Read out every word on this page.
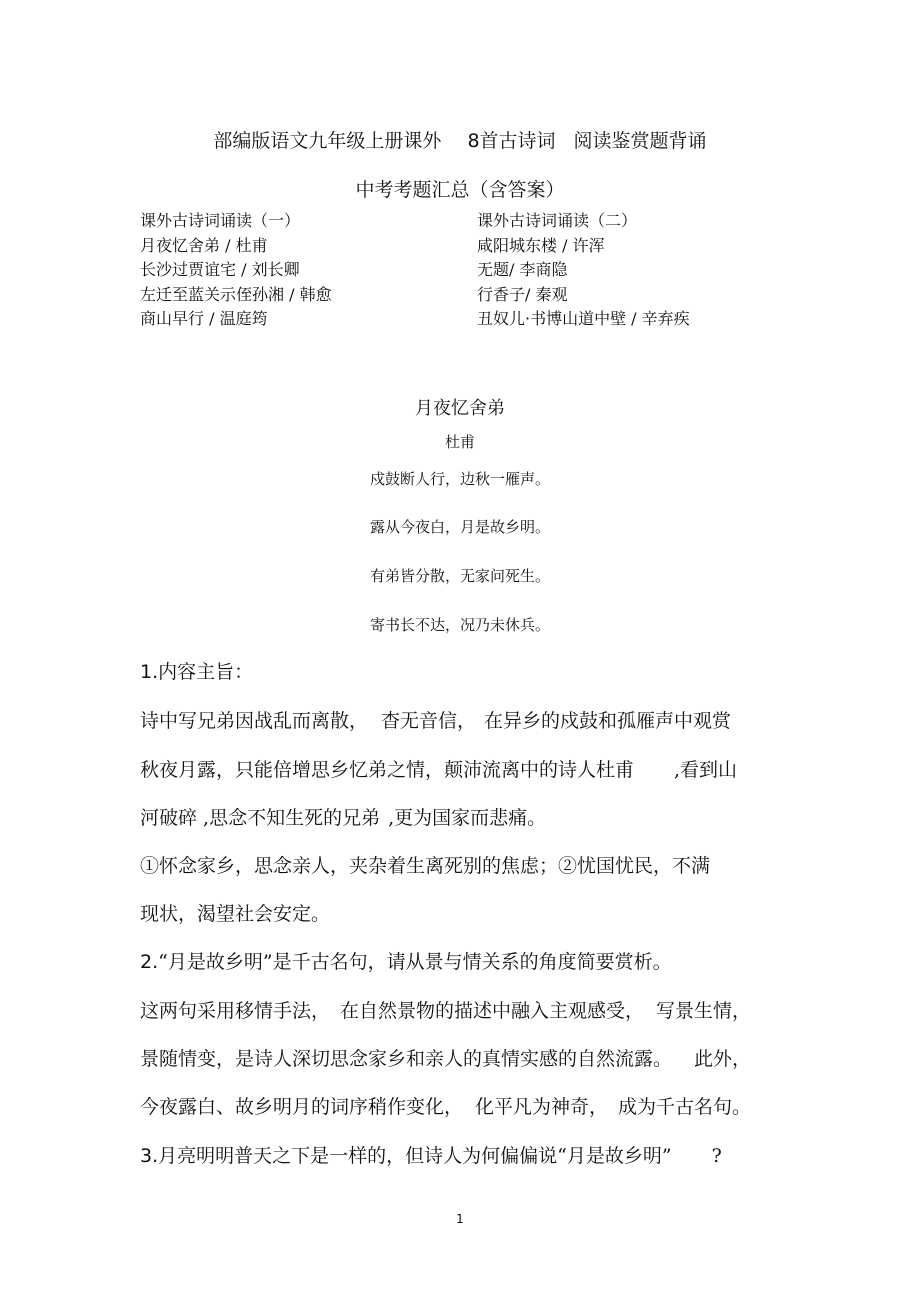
部编版语文九年级上册课外 8首古诗词 阅读鉴赏题背诵
中考考题汇总（含答案）
课外古诗词诵读（一）
月夜忆舍弟 / 杜甫
长沙过贾谊宅 / 刘长卿
左迁至蓝关示侄孙湘 / 韩愈
商山早行 / 温庭筠
课外古诗词诵读（二）
咸阳城东楼 / 许浑
无题/ 李商隐
行香子/ 秦观
丑奴儿·书博山道中壁 / 辛弃疾
月夜忆舍弟
杜甫
戍鼓断人行，边秋一雁声。
露从今夜白，月是故乡明。
有弟皆分散，无家问死生。
寄书长不达，况乃未休兵。
1.内容主旨：
诗中写兄弟因战乱而离散， 杳无音信， 在异乡的戍鼓和孤雁声中观赏
秋夜月露，只能倍增思乡忆弟之情，颠沛流离中的诗人杜甫 ,看到山
河破碎 ,思念不知生死的兄弟 ,更为国家而悲痛。
①怀念家乡，思念亲人，夹杂着生离死别的焦虑；②忧国忧民，不满
现状，渴望社会安定。
2.“月是故乡明”是千古名句，请从景与情关系的角度简要赏析。
这两句采用移情手法， 在自然景物的描述中融入主观感受， 写景生情，
景随情变，是诗人深切思念家乡和亲人的真情实感的自然流露。 此外，
今夜露白、故乡明月的词序稍作变化， 化平凡为神奇， 成为千古名句。
3.月亮明明普天之下是一样的，但诗人为何偏偏说“月是故乡明” ?
1
